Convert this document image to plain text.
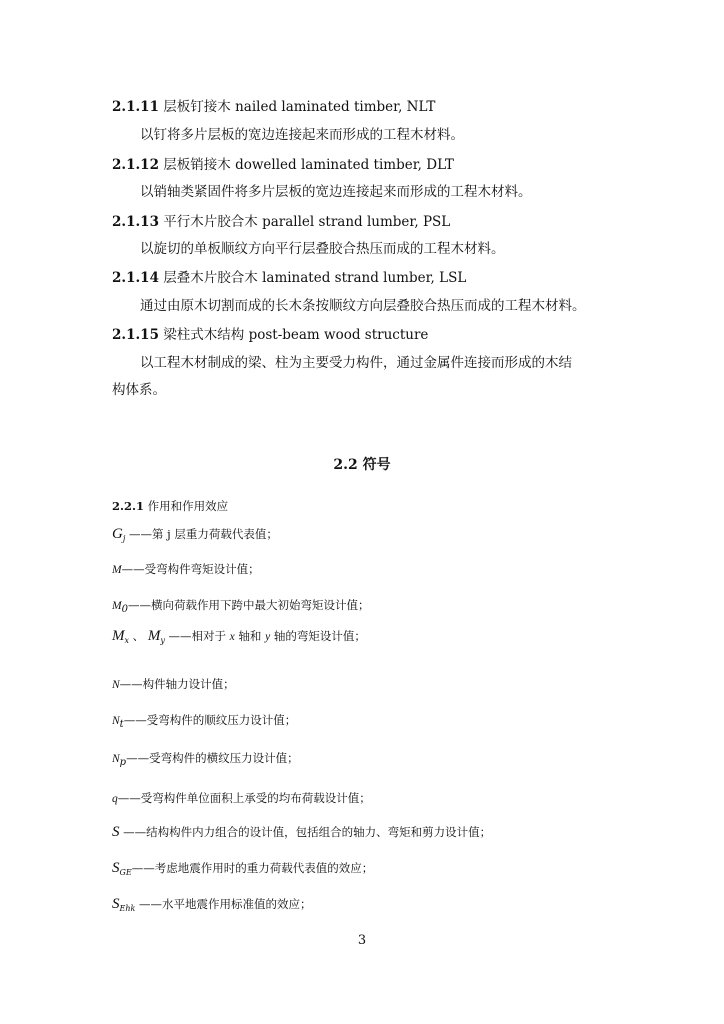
2.1.11 层板钉接木 nailed laminated timber, NLT
以钉将多片层板的宽边连接起来而形成的工程木材料。
2.1.12 层板销接木 dowelled laminated timber, DLT
以销轴类紧固件将多片层板的宽边连接起来而形成的工程木材料。
2.1.13 平行木片胶合木 parallel strand lumber, PSL
以旋切的单板顺纹方向平行层叠胶合热压而成的工程木材料。
2.1.14 层叠木片胶合木 laminated strand lumber, LSL
通过由原木切割而成的长木条按顺纹方向层叠胶合热压而成的工程木材料。
2.1.15 梁柱式木结构 post-beam wood structure
以工程木材制成的梁、柱为主要受力构件，通过金属件连接而形成的木结
构体系。
2.2 符号
2.2.1 作用和作用效应
$G_j$ ——第 j 层重力荷载代表值；
M——受弯构件弯矩设计值；
M0——横向荷载作用下跨中最大初始弯矩设计值；
$M_x$ 、 $M_y$ ——相对于 x 轴和 y 轴的弯矩设计值；
N——构件轴力设计值；
Nt——受弯构件的顺纹压力设计值；
Np——受弯构件的横纹压力设计值；
q——受弯构件单位面积上承受的均布荷载设计值；
S ——结构构件内力组合的设计值，包括组合的轴力、弯矩和剪力设计值；
$S_{GE}——$考虑地震作用时的重力荷载代表值的效应；
$S_{Ehk}$ ——水平地震作用标准值的效应；
3
